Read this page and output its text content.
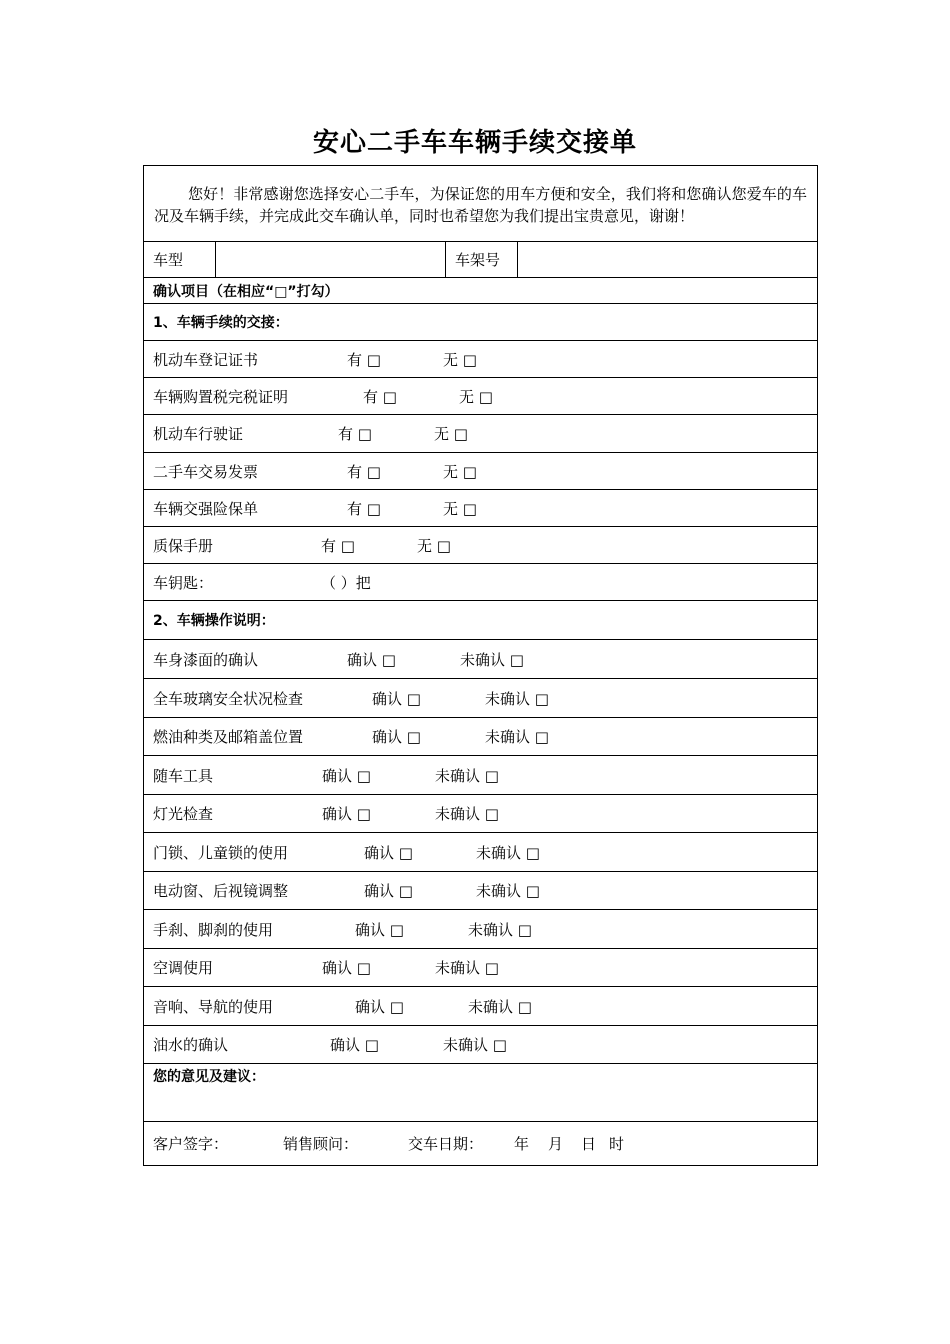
安心二手车车辆手续交接单
您好！非常感谢您选择安心二手车，为保证您的用车方便和安全，我们将和您确认您爱车的车况及车辆手续，并完成此交车确认单，同时也希望您为我们提出宝贵意见，谢谢！
车型	车架号
确认项目（在相应“□”打勾）
1、车辆手续的交接：
机动车登记证书	有 □	无 □
车辆购置税完税证明	有 □	无 □
机动车行驶证	有 □	无 □
二手车交易发票	有 □	无 □
车辆交强险保单	有 □	无 □
质保手册	有 □	无 □
车钥匙：	（ ）把
2、车辆操作说明：
车身漆面的确认	确认 □	未确认 □
全车玻璃安全状况检查	确认 □	未确认 □
燃油种类及邮箱盖位置	确认 □	未确认 □
随车工具	确认 □	未确认 □
灯光检查	确认 □	未确认 □
门锁、儿童锁的使用	确认 □	未确认 □
电动窗、后视镜调整	确认 □	未确认 □
手刹、脚刹的使用	确认 □	未确认 □
空调使用	确认 □	未确认 □
音响、导航的使用	确认 □	未确认 □
油水的确认	确认 □	未确认 □
您的意见及建议：
客户签字：	销售顾问：	交车日期： 年 月 日 时
